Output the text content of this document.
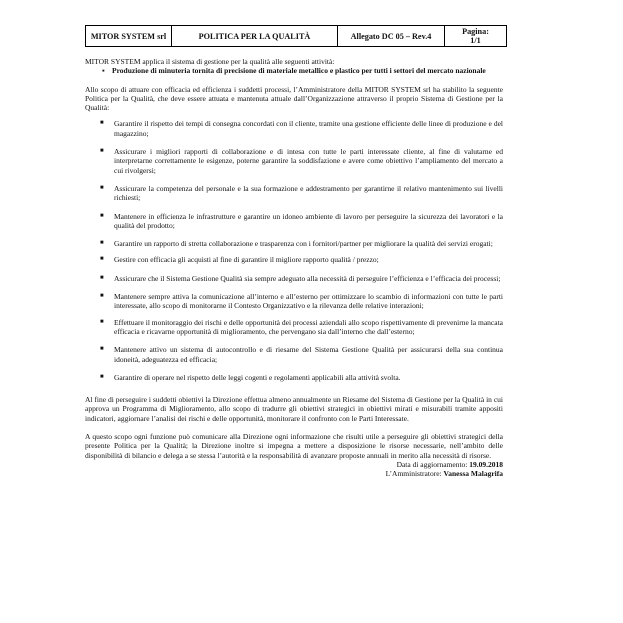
MITOR SYSTEM srl	POLITICA PER LA QUALITÀ	Allegato DC 05 – Rev.4	Pagina:
1/1

MITOR SYSTEM applica il sistema di gestione per la qualità alle seguenti attività:

▪ Produzione di minuteria tornita di precisione di materiale metallico e plastico per tutti i settori del mercato nazionale

Allo scopo di attuare con efficacia ed efficienza i suddetti processi, l’Amministratore della MITOR SYSTEM srl ha stabilito la seguente Politica per la Qualità, che deve essere attuata e mantenuta attuale dall’Organizzazione attraverso il proprio Sistema di Gestione per la Qualità:

■ Garantire il rispetto dei tempi di consegna concordati con il cliente, tramite una gestione efficiente delle linee di produzione e del magazzino;
■ Assicurare i migliori rapporti di collaborazione e di intesa con tutte le parti interessate cliente, al fine di valutarne ed interpretarne correttamente le esigenze, poterne garantire la soddisfazione e avere come obiettivo l’ampliamento del mercato a cui rivolgersi;
■ Assicurare la competenza del personale e la sua formazione e addestramento per garantirne il relativo mantenimento sui livelli richiesti;
■ Mantenere in efficienza le infrastrutture e garantire un idoneo ambiente di lavoro per perseguire la sicurezza dei lavoratori e la qualità del prodotto;
■ Garantire un rapporto di stretta collaborazione e trasparenza con i fornitori/partner per migliorare la qualità dei servizi erogati;
■ Gestire con efficacia gli acquisti al fine di garantire il migliore rapporto qualità / prezzo;
■ Assicurare che il Sistema Gestione Qualità sia sempre adeguato alla necessità di perseguire l’efficienza e l’efficacia dei processi;
■ Mantenere sempre attiva la comunicazione all’interno e all’esterno per ottimizzare lo scambio di informazioni con tutte le parti interessate, allo scopo di monitorarne il Contesto Organizzativo e la rilevanza delle relative interazioni;
■ Effettuare il monitoraggio dei rischi e delle opportunità dei processi aziendali allo scopo rispettivamente di prevenirne la mancata efficacia e ricavarne opportunità di miglioramento, che pervengano sia dall’interno che dall’esterno;
■ Mantenere attivo un sistema di autocontrollo e di riesame del Sistema Gestione Qualità per assicurarsi della sua continua idoneità, adeguatezza ed efficacia;
■ Garantire di operare nel rispetto delle leggi cogenti e regolamenti applicabili alla attività svolta.

Al fine di perseguire i suddetti obiettivi la Direzione effettua almeno annualmente un Riesame del Sistema di Gestione per la Qualità in cui approva un Programma di Miglioramento, allo scopo di tradurre gli obiettivi strategici in obiettivi mirati e misurabili tramite appositi indicatori, aggiornare l’analisi dei rischi e delle opportunità, monitorare il confronto con le Parti Interessate.

A questo scopo ogni funzione può comunicare alla Direzione ogni informazione che risulti utile a perseguire gli obiettivi strategici della presente Politica per la Qualità; la Direzione inoltre si impegna a mettere a disposizione le risorse necessarie, nell’ambito delle disponibilità di bilancio e delega a se stessa l’autorità e la responsabilità di avanzare proposte annuali in merito alla necessità di risorse.

Data di aggiornamento: 19.09.2018

L’Amministratore: Vanessa Malagrifa
